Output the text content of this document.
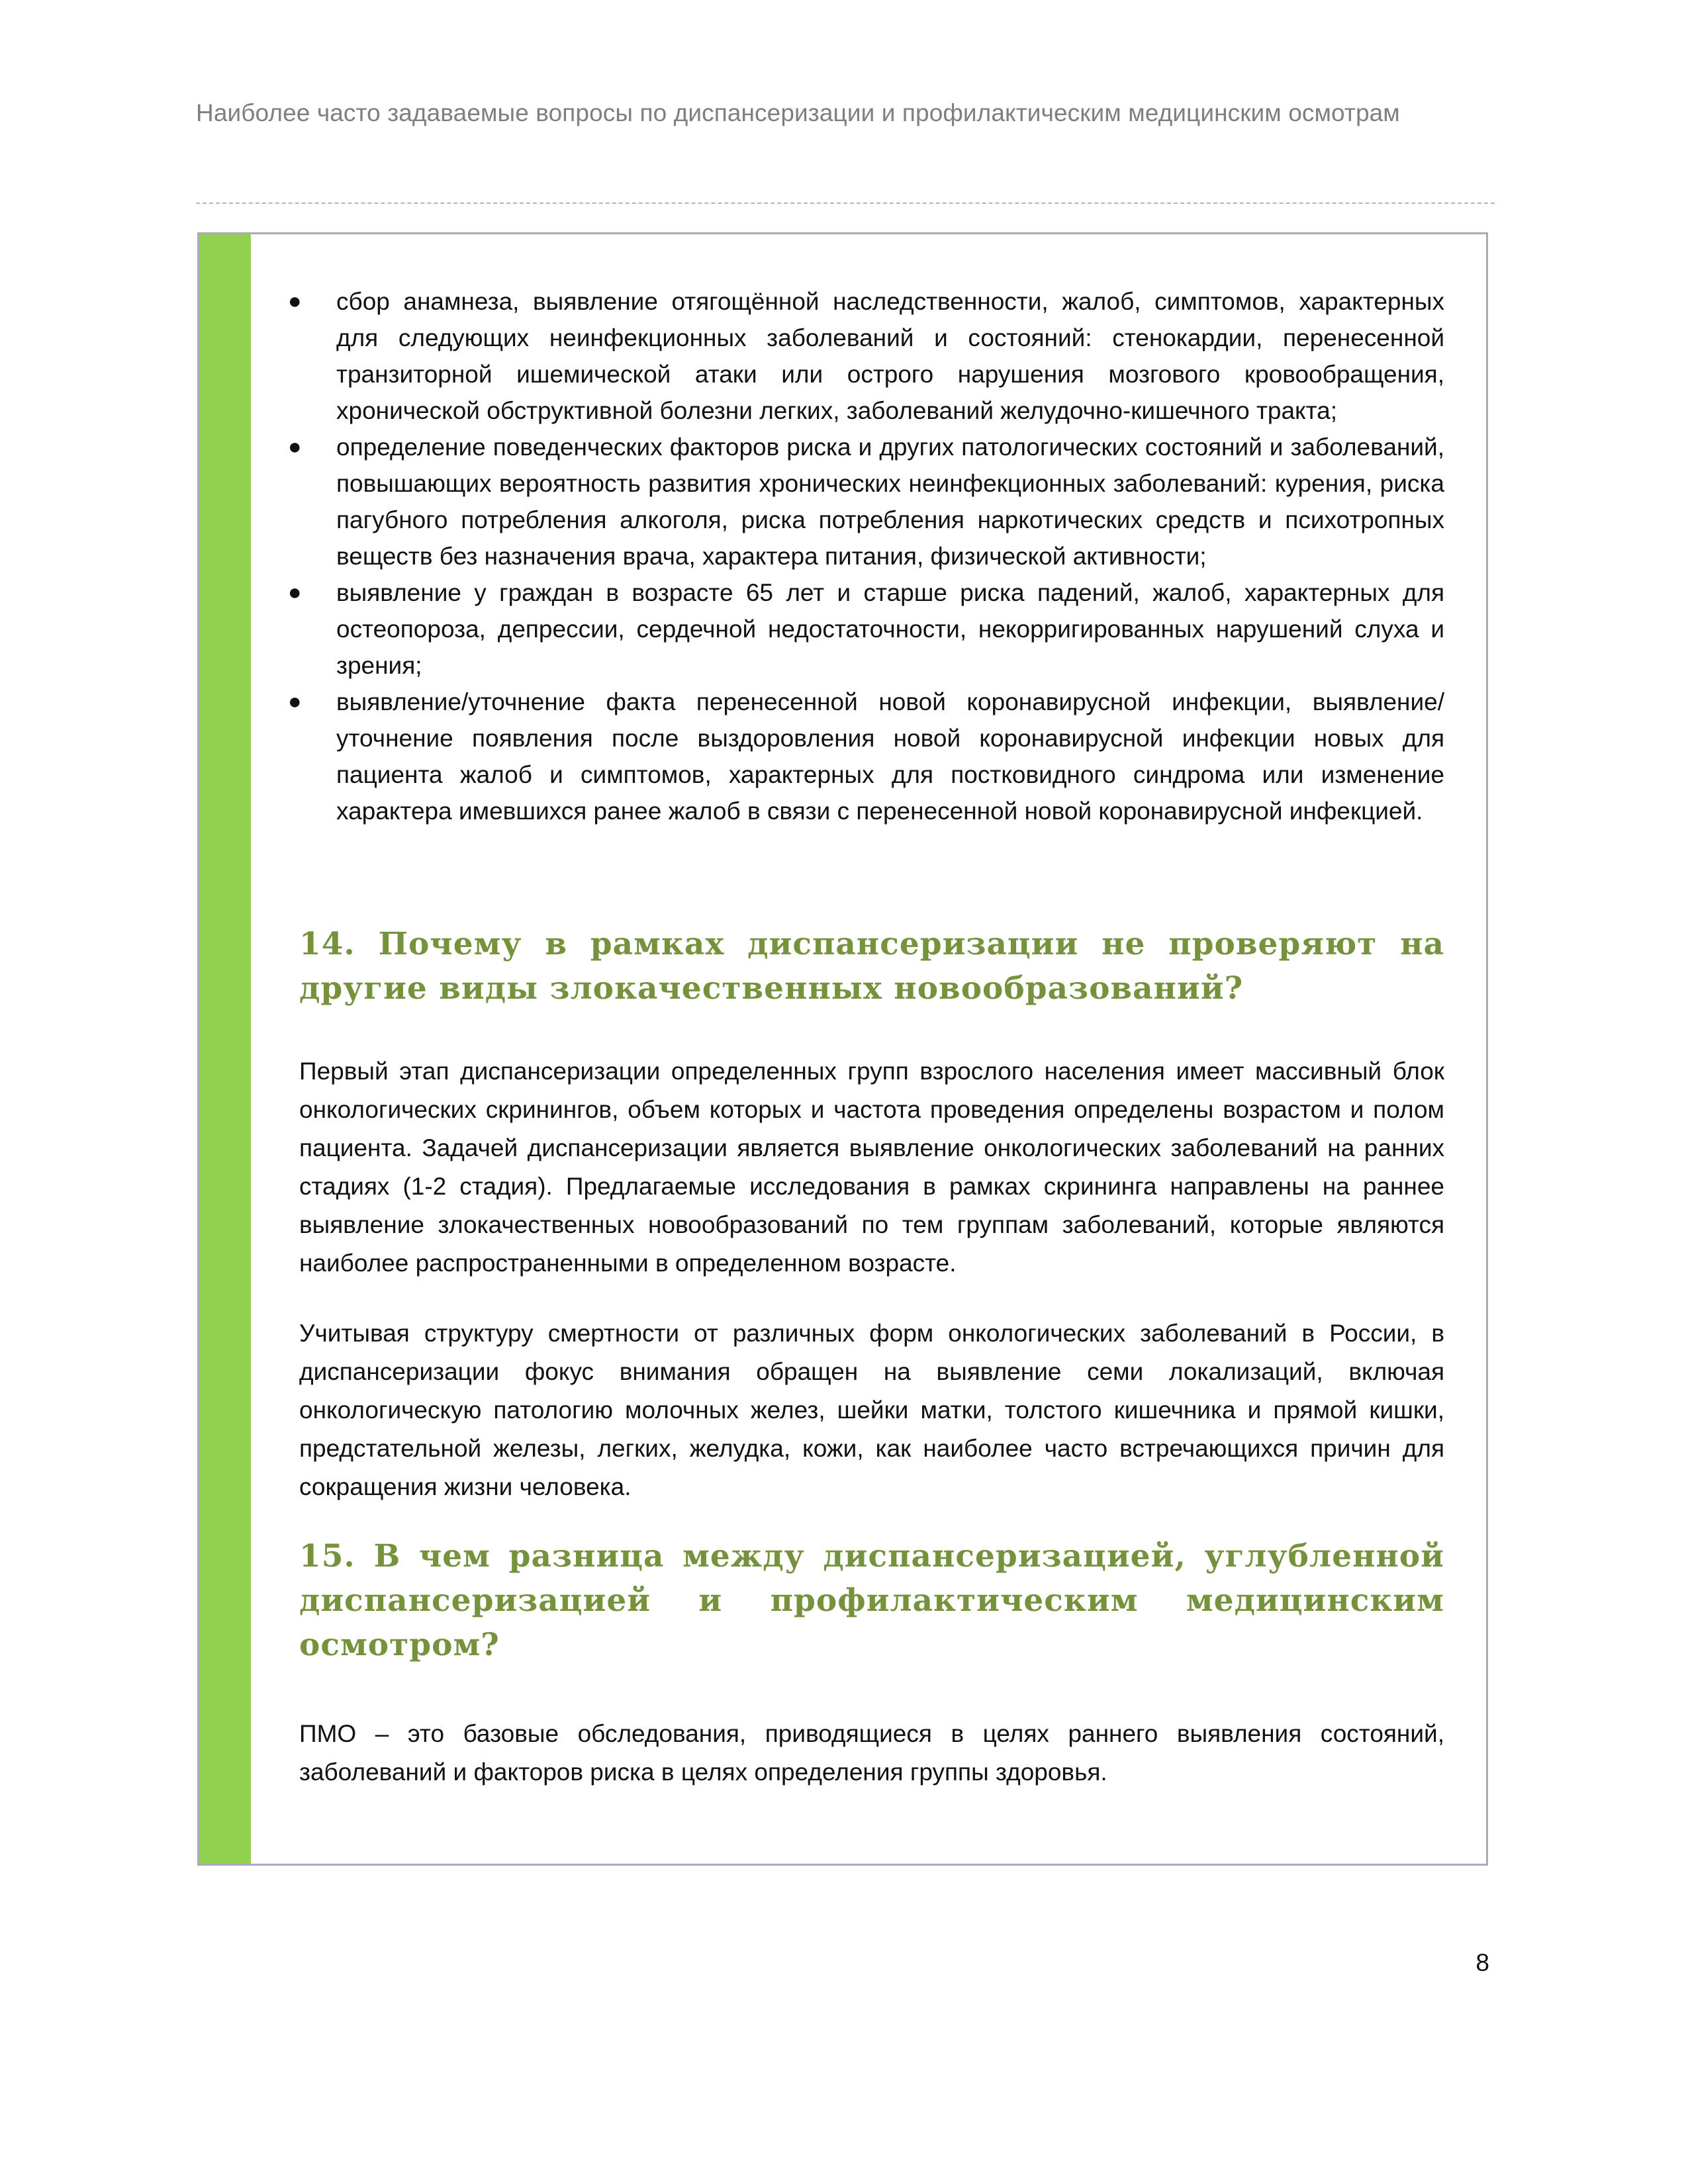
Наиболее часто задаваемые вопросы по диспансеризации и профилактическим медицинским осмотрам
● сбор анамнеза, выявление отягощённой наследственности, жалоб, симптомов, характерных для следующих неинфекционных заболеваний и состояний: стенокардии, перенесенной транзиторной ишемической атаки или острого нарушения мозгового кровообращения, хронической обструктивной болезни легких, заболеваний желудочно-кишечного тракта;
● определение поведенческих факторов риска и других патологических состояний и заболеваний, повышающих вероятность развития хронических неинфекционных заболеваний: курения, риска пагубного потребления алкоголя, риска потребления наркотических средств и психотропных веществ без назначения врача, характера питания, физической активности;
● выявление у граждан в возрасте 65 лет и старше риска падений, жалоб, характерных для остеопороза, депрессии, сердечной недостаточности, некорригированных нарушений слуха и зрения;
● выявление/уточнение факта перенесенной новой коронавирусной инфекции, выявление/уточнение появления после выздоровления новой коронавирусной инфекции новых для пациента жалоб и симптомов, характерных для постковидного синдрома или изменение характера имевшихся ранее жалоб в связи с перенесенной новой коронавирусной инфекцией.
14. Почему в рамках диспансеризации не проверяют на другие виды злокачественных новообразований?

Первый этап диспансеризации определенных групп взрослого населения имеет массивный блок онкологических скринингов, объем которых и частота проведения определены возрастом и полом пациента. Задачей диспансеризации является выявление онкологических заболеваний на ранних стадиях (1-2 стадия). Предлагаемые исследования в рамках скрининга направлены на раннее выявление злокачественных новообразований по тем группам заболеваний, которые являются наиболее распространенными в определенном возрасте.

Учитывая структуру смертности от различных форм онкологических заболеваний в России, в диспансеризации фокус внимания обращен на выявление семи локализаций, включая онкологическую патологию молочных желез, шейки матки, толстого кишечника и прямой кишки, предстательной железы, легких, желудка, кожи, как наиболее часто встречающихся причин для сокращения жизни человека.

15. В чем разница между диспансеризацией, углубленной диспансеризацией и профилактическим медицинским осмотром?

ПМО – это базовые обследования, приводящиеся в целях раннего выявления состояний, заболеваний и факторов риска в целях определения группы здоровья.

8
